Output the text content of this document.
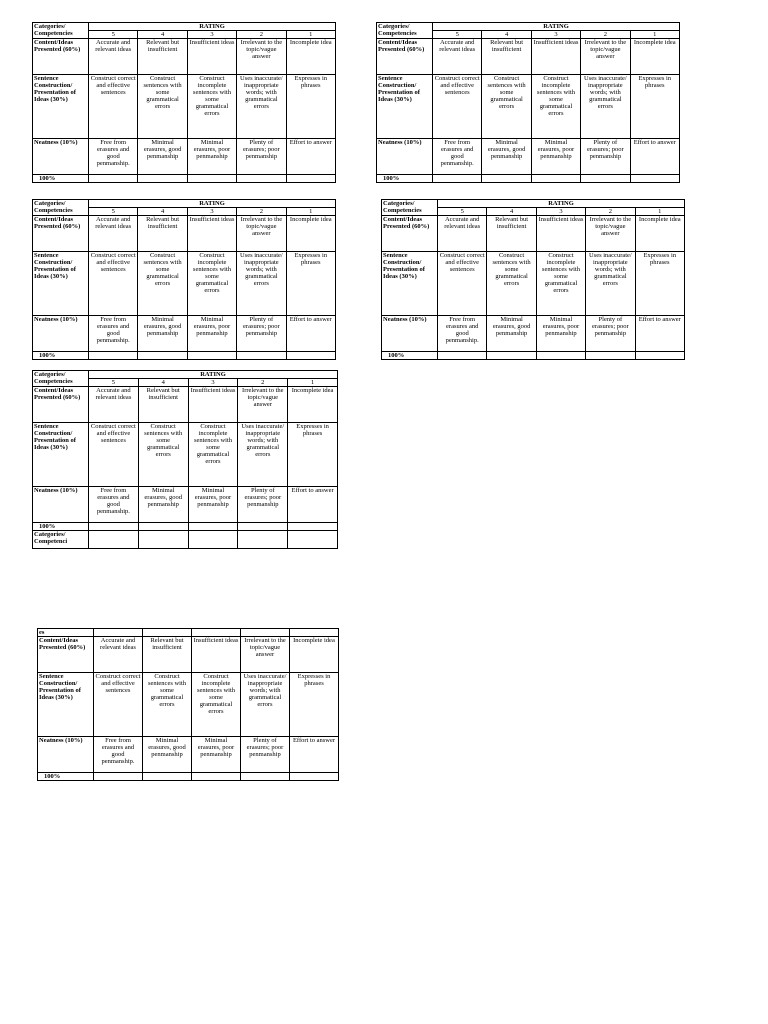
Categories/ Competencies	RATING				
	5	4	3	2	1
Content/Ideas Presented (60%)	Accurate and relevant ideas	Relevant but insufficient	Insufficient ideas	Irrelevant to the topic/vague answer	Incomplete idea
Sentence Construction/ Presentation of Ideas (30%)	Construct correct and effective sentences	Construct sentences with some grammatical errors	Construct incomplete sentences with some grammatical errors	Uses inaccurate/ inappropriate words; with grammatical errors	Expresses in phrases
Neatness (10%)	Free from erasures and good penmanship.	Minimal erasures, good penmanship	Minimal erasures, poor penmanship	Plenty of erasures; poor penmanship	Effort to answer
100%					
Categories/ Competencies	RATING				
	5	4	3	2	1
Content/Ideas Presented (60%)	Accurate and relevant ideas	Relevant but insufficient	Insufficient ideas	Irrelevant to the topic/vague answer	Incomplete idea
Sentence Construction/ Presentation of Ideas (30%)	Construct correct and effective sentences	Construct sentences with some grammatical errors	Construct incomplete sentences with some grammatical errors	Uses inaccurate/ inappropriate words; with grammatical errors	Expresses in phrases
Neatness (10%)	Free from erasures and good penmanship.	Minimal erasures, good penmanship	Minimal erasures, poor penmanship	Plenty of erasures; poor penmanship	Effort to answer
100%					
Categories/ Competencies	RATING				
	5	4	3	2	1
Content/Ideas Presented (60%)	Accurate and relevant ideas	Relevant but insufficient	Insufficient ideas	Irrelevant to the topic/vague answer	Incomplete idea
Sentence Construction/ Presentation of Ideas (30%)	Construct correct and effective sentences	Construct sentences with some grammatical errors	Construct incomplete sentences with some grammatical errors	Uses inaccurate/ inappropriate words; with grammatical errors	Expresses in phrases
Neatness (10%)	Free from erasures and good penmanship.	Minimal erasures, good penmanship	Minimal erasures, poor penmanship	Plenty of erasures; poor penmanship	Effort to answer
100%					
Categories/ Competencies	RATING				
	5	4	3	2	1
Content/Ideas Presented (60%)	Accurate and relevant ideas	Relevant but insufficient	Insufficient ideas	Irrelevant to the topic/vague answer	Incomplete idea
Sentence Construction/ Presentation of Ideas (30%)	Construct correct and effective sentences	Construct sentences with some grammatical errors	Construct incomplete sentences with some grammatical errors	Uses inaccurate/ inappropriate words; with grammatical errors	Expresses in phrases
Neatness (10%)	Free from erasures and good penmanship.	Minimal erasures, good penmanship	Minimal erasures, poor penmanship	Plenty of erasures; poor penmanship	Effort to answer
100%					
Categories/ Competencies	RATING				
	5	4	3	2	1
Content/Ideas Presented (60%)	Accurate and relevant ideas	Relevant but insufficient	Insufficient ideas	Irrelevant to the topic/vague answer	Incomplete idea
Sentence Construction/ Presentation of Ideas (30%)	Construct correct and effective sentences	Construct sentences with some grammatical errors	Construct incomplete sentences with some grammatical errors	Uses inaccurate/ inappropriate words; with grammatical errors	Expresses in phrases
Neatness (10%)	Free from erasures and good penmanship.	Minimal erasures, good penmanship	Minimal erasures, poor penmanship	Plenty of erasures; poor penmanship	Effort to answer
100%					
Categories/ Competenci					
es					
Content/Ideas Presented (60%)	Accurate and relevant ideas	Relevant but insufficient	Insufficient ideas	Irrelevant to the topic/vague answer	Incomplete idea
Sentence Construction/ Presentation of Ideas (30%)	Construct correct and effective sentences	Construct sentences with some grammatical errors	Construct incomplete sentences with some grammatical errors	Uses inaccurate/ inappropriate words; with grammatical errors	Expresses in phrases
Neatness (10%)	Free from erasures and good penmanship.	Minimal erasures, good penmanship	Minimal erasures, poor penmanship	Plenty of erasures; poor penmanship	Effort to answer
100%					
